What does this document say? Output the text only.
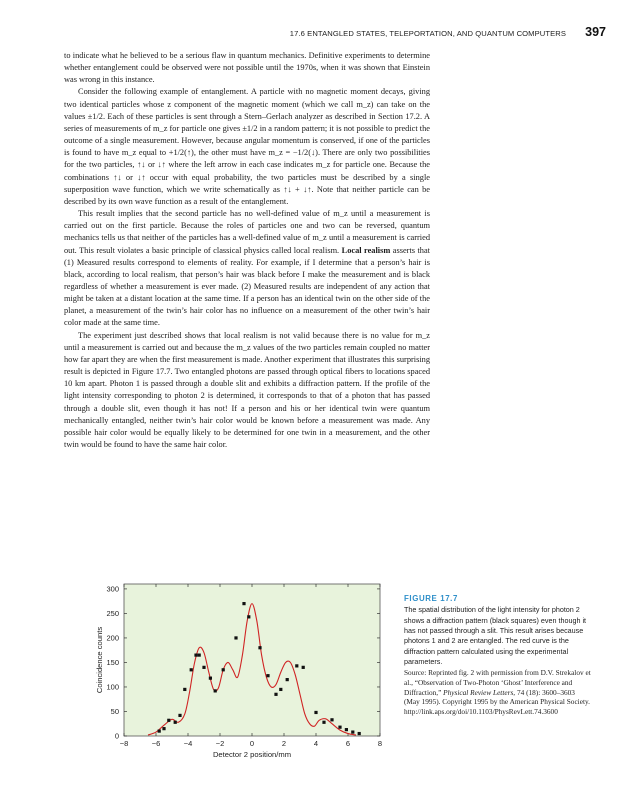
17.6 ENTANGLED STATES, TELEPORTATION, AND QUANTUM COMPUTERS 397

to indicate what he believed to be a serious flaw in quantum mechanics. Definitive experiments to determine whether entanglement could be observed were not possible until the 1970s, when it was shown that Einstein was wrong in this instance.

Consider the following example of entanglement. A particle with no magnetic moment decays, giving two identical particles whose z component of the magnetic moment (which we call m_z) can take on the values ±1/2. Each of these particles is sent through a Stern–Gerlach analyzer as described in Section 17.2. A series of measurements of m_z for particle one gives ±1/2 in a random pattern; it is not possible to predict the outcome of a single measurement. However, because angular momentum is conserved, if one of the particles is found to have m_z equal to +1/2(↑), the other must have m_z = −1/2(↓). There are only two possibilities for the two particles, ↑↓ or ↓↑ where the left arrow in each case indicates m_z for particle one. Because the combinations ↑↓ or ↓↑ occur with equal probability, the two particles must be described by a single superposition wave function, which we write schematically as ↑↓ + ↓↑. Note that neither particle can be described by its own wave function as a result of the entanglement.

This result implies that the second particle has no well-defined value of m_z until a measurement is carried out on the first particle. Because the roles of particles one and two can be reversed, quantum mechanics tells us that neither of the particles has a well-defined value of m_z until a measurement is carried out. This result violates a basic principle of classical physics called local realism. Local realism asserts that (1) Measured results correspond to elements of reality. For example, if I determine that a person’s hair is black, according to local realism, that person’s hair was black before I make the measurement and is black regardless of whether a measurement is ever made. (2) Measured results are independent of any action that might be taken at a distant location at the same time. If a person has an identical twin on the other side of the planet, a measurement of the twin’s hair color has no influence on a measurement of the other twin’s hair color made at the same time.

The experiment just described shows that local realism is not valid because there is no value for m_z until a measurement is carried out and because the m_z values of the two particles remain coupled no matter how far apart they are when the first measurement is made. Another experiment that illustrates this surprising result is depicted in Figure 17.7. Two entangled photons are passed through optical fibers to locations spaced 10 km apart. Photon 1 is passed through a double slit and exhibits a diffraction pattern. If the profile of the light intensity corresponding to photon 2 is determined, it corresponds to that of a photon that has passed through a double slit, even though it has not! If a person and his or her identical twin were quantum mechanically entangled, neither twin’s hair color would be known before a measurement was made. Any possible hair color would be equally likely to be determined for one twin in a measurement, and the other twin would be found to have the same hair color.

−8	−6	−4	−2	0	2	4	6	8
0
50
100
150
200
250
300
Detector 2 position/mm
Coincidence counts
FIGURE 17.7

The spatial distribution of the light intensity for photon 2 shows a diffraction pattern (black squares) even though it has not passed through a slit. This result arises because photons 1 and 2 are entangled. The red curve is the diffraction pattern calculated using the experimental parameters.

Source: Reprinted fig. 2 with permission from D.V. Strekalov et al., “Observation of Two-Photon ‘Ghost’ Interference and Diffraction,” Physical Review Letters, 74 (18): 3600–3603 (May 1995). Copyright 1995 by the American Physical Society. http://link.aps.org/doi/10.1103/PhysRevLett.74.3600
